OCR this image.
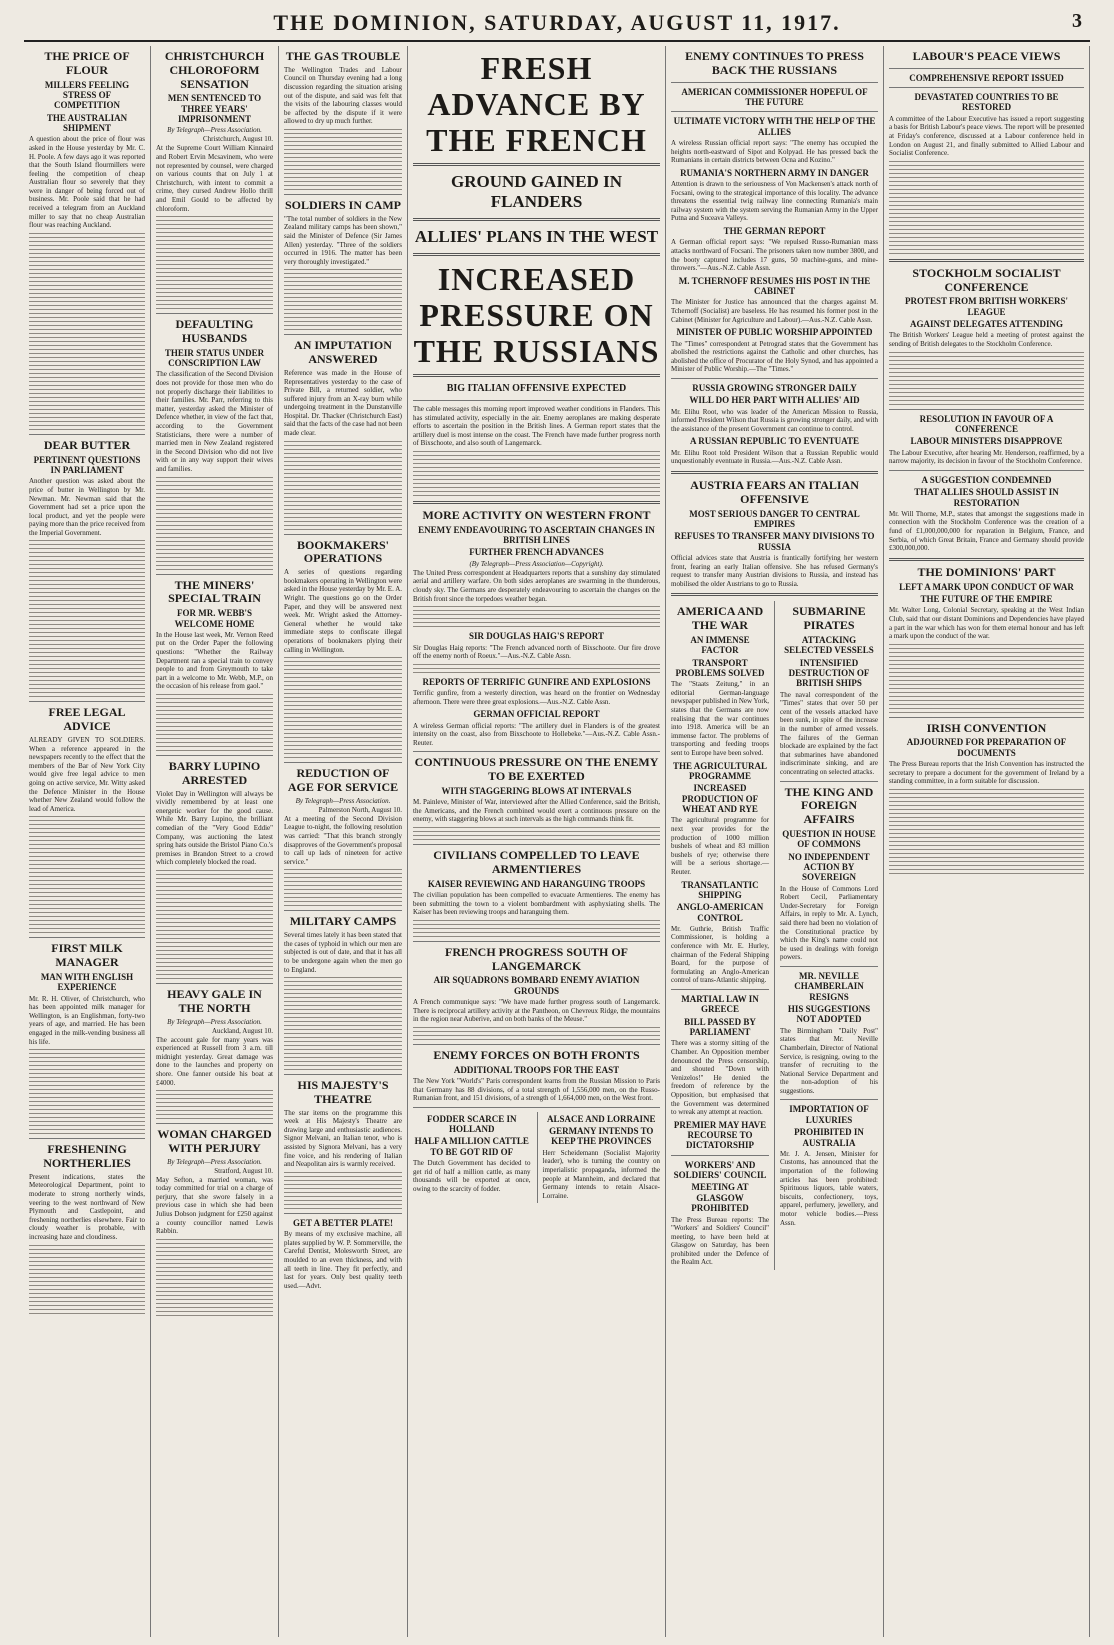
THE DOMINION, SATURDAY, AUGUST 11, 1917.	3
THE PRICE OF FLOUR
MILLERS FEELING STRESS OF COMPETITION
THE AUSTRALIAN SHIPMENT

A question about the price of flour was asked in the House yesterday by Mr. C. H. Poole. A few days ago it was reported that the South Island flourmillers were feeling the competition of cheap Australian flour so severely that they were in danger of being forced out of business. Mr. Poole said that he had received a telegram from an Auckland miller to say that no cheap Australian flour was reaching Auckland.

DEAR BUTTER
PERTINENT QUESTIONS IN PARLIAMENT

Another question was asked about the price of butter in Wellington by Mr. Newman. Mr. Newman said that the Government had set a price upon the local product, and yet the people were paying more than the price received from the Imperial Government.

FREE LEGAL ADVICE

ALREADY GIVEN TO SOLDIERS. When a reference appeared in the newspapers recently to the effect that the members of the Bar of New York City would give free legal advice to men going on active service, Mr. Witty asked the Defence Minister in the House whether New Zealand would follow the lead of America.

FIRST MILK MANAGER
MAN WITH ENGLISH EXPERIENCE

Mr. R. H. Oliver, of Christchurch, who has been appointed milk manager for Wellington, is an Englishman, forty-two years of age, and married. He has been engaged in the milk-vending business all his life.

FRESHENING NORTHERLIES

Present indications, states the Meteorological Department, point to moderate to strong northerly winds, veering to the west northward of New Plymouth and Castlepoint, and freshening northerlies elsewhere. Fair to cloudy weather is probable, with increasing haze and cloudiness.

CHRISTCHURCH CHLOROFORM SENSATION
MEN SENTENCED TO THREE YEARS' IMPRISONMENT

By Telegraph—Press Association.

Christchurch, August 10.

At the Supreme Court William Kinnaird and Robert Ervin Mcsavinem, who were not represented by counsel, were charged on various counts that on July 1 at Christchurch, with intent to commit a crime, they cursed Andrew Hollo thrill and Emil Gould to be affected by chloroform.

DEFAULTING HUSBANDS
THEIR STATUS UNDER CONSCRIPTION LAW

The classification of the Second Division does not provide for those men who do not properly discharge their liabilities to their families. Mr. Parr, referring to this matter, yesterday asked the Minister of Defence whether, in view of the fact that, according to the Government Statisticians, there were a number of married men in New Zealand registered in the Second Division who did not live with or in any way support their wives and families.

THE MINERS' SPECIAL TRAIN
FOR MR. WEBB'S WELCOME HOME

In the House last week, Mr. Vernon Reed put on the Order Paper the following questions: "Whether the Railway Department ran a special train to convey people to and from Greymouth to take part in a welcome to Mr. Webb, M.P., on the occasion of his release from gaol."

BARRY LUPINO ARRESTED

Violet Day in Wellington will always be vividly remembered by at least one energetic worker for the good cause. While Mr. Barry Lupino, the brilliant comedian of the "Very Good Eddie" Company, was auctioning the latest spring hats outside the Bristol Piano Co.'s premises in Brandon Street to a crowd which completely blocked the road.

HEAVY GALE IN THE NORTH

By Telegraph—Press Association.

Auckland, August 10.

The account gale for many years was experienced at Russell from 3 a.m. till midnight yesterday. Great damage was done to the launches and property on shore. One fanner outside his boat at £4000.

WOMAN CHARGED WITH PERJURY

By Telegraph—Press Association.

Stratford, August 10.

May Sefton, a married woman, was today committed for trial on a charge of perjury, that she swore falsely in a previous case in which she had been Julius Dobson judgment for £250 against a county councillor named Lewis Rabbin.

THE GAS TROUBLE

The Wellington Trades and Labour Council on Thursday evening had a long discussion regarding the situation arising out of the dispute, and said was felt that the visits of the labouring classes would be affected by the dispute if it were allowed to dry up much further.

SOLDIERS IN CAMP

"The total number of soldiers in the New Zealand military camps has been shown," said the Minister of Defence (Sir James Allen) yesterday. "Three of the soldiers occurred in 1916. The matter has been very thoroughly investigated."

AN IMPUTATION ANSWERED

Reference was made in the House of Representatives yesterday to the case of Private Bill, a returned soldier, who suffered injury from an X-ray burn while undergoing treatment in the Dunstanville Hospital. Dr. Thacker (Christchurch East) said that the facts of the case had not been made clear.

BOOKMAKERS' OPERATIONS

A series of questions regarding bookmakers operating in Wellington were asked in the House yesterday by Mr. E. A. Wright. The questions go on the Order Paper, and they will be answered next week. Mr. Wright asked the Attorney-General whether he would take immediate steps to confiscate illegal operations of bookmakers plying their calling in Wellington.

REDUCTION OF AGE FOR SERVICE

By Telegraph—Press Association.

Palmerston North, August 10.

At a meeting of the Second Division League to-night, the following resolution was carried: "That this branch strongly disapproves of the Government's proposal to call up lads of nineteen for active service."

MILITARY CAMPS

Several times lately it has been stated that the cases of typhoid in which our men are subjected is out of date, and that it has all to be undergone again when the men go to England.

HIS MAJESTY'S THEATRE

The star items on the programme this week at His Majesty's Theatre are drawing large and enthusiastic audiences. Signor Melvani, an Italian tenor, who is assisted by Signora Melvani, has a very fine voice, and his rendering of Italian and Neapolitan airs is warmly received.

GET A BETTER PLATE!

By means of my exclusive machine, all plates supplied by W. P. Sommerville, the Careful Dentist, Molesworth Street, are moulded to an even thickness, and with all teeth in line. They fit perfectly, and last for years. Only best quality teeth used.—Advt.

FRESH ADVANCE BY THE FRENCH
GROUND GAINED IN FLANDERS
ALLIES' PLANS IN THE WEST
INCREASED PRESSURE ON THE RUSSIANS
BIG ITALIAN OFFENSIVE EXPECTED

The cable messages this morning report improved weather conditions in Flanders. This has stimulated activity, especially in the air. Enemy aeroplanes are making desperate efforts to ascertain the position in the British lines. A German report states that the artillery duel is most intense on the coast. The French have made further progress north of Bixschoote, and also south of Langemarck.

MORE ACTIVITY ON WESTERN FRONT
ENEMY ENDEAVOURING TO ASCERTAIN CHANGES IN BRITISH LINES
FURTHER FRENCH ADVANCES

(By Telegraph—Press Association—Copyright).

The United Press correspondent at Headquarters reports that a sunshiny day stimulated aerial and artillery warfare. On both sides aeroplanes are swarming in the thunderous, cloudy sky. The Germans are desperately endeavouring to ascertain the changes on the British front since the torpedoes weather began.

SIR DOUGLAS HAIG'S REPORT

Sir Douglas Haig reports: "The French advanced north of Bixschoote. Our fire drove off the enemy north of Roeux."—Aus.-N.Z. Cable Assn.

REPORTS OF TERRIFIC GUNFIRE AND EXPLOSIONS

Terrific gunfire, from a westerly direction, was heard on the frontier on Wednesday afternoon. There were three great explosions.—Aus.-N.Z. Cable Assn.

GERMAN OFFICIAL REPORT

A wireless German official reports: "The artillery duel in Flanders is of the greatest intensity on the coast, also from Bixschoote to Hollebeke."—Aus.-N.Z. Cable Assn.-Reuter.

CONTINUOUS PRESSURE ON THE ENEMY TO BE EXERTED
WITH STAGGERING BLOWS AT INTERVALS

M. Painleve, Minister of War, interviewed after the Allied Conference, said the British, the Americans, and the French combined would exert a continuous pressure on the enemy, with staggering blows at such intervals as the high commands think fit.

CIVILIANS COMPELLED TO LEAVE ARMENTIERES
KAISER REVIEWING AND HARANGUING TROOPS

The civilian population has been compelled to evacuate Armentieres. The enemy has been submitting the town to a violent bombardment with asphyxiating shells. The Kaiser has been reviewing troops and haranguing them.

FRENCH PROGRESS SOUTH OF LANGEMARCK
AIR SQUADRONS BOMBARD ENEMY AVIATION GROUNDS

A French communique says: "We have made further progress south of Langemarck. There is reciprocal artillery activity at the Pantheon, on Chevreux Ridge, the mountains in the region near Auberive, and on both banks of the Meuse."

ENEMY FORCES ON BOTH FRONTS
ADDITIONAL TROOPS FOR THE EAST

The New York "World's" Paris correspondent learns from the Russian Mission to Paris that Germany has 88 divisions, of a total strength of 1,556,000 men, on the Russo-Rumanian front, and 151 divisions, of a strength of 1,664,000 men, on the West front.

FODDER SCARCE IN HOLLAND
HALF A MILLION CATTLE TO BE GOT RID OF

The Dutch Government has decided to get rid of half a million cattle, as many thousands will be exported at once, owing to the scarcity of fodder.

ALSACE AND LORRAINE
GERMANY INTENDS TO KEEP THE PROVINCES

Herr Scheidemann (Socialist Majority leader), who is turning the country on imperialistic propaganda, informed the people at Mannheim, and declared that Germany intends to retain Alsace-Lorraine.

ENEMY CONTINUES TO PRESS BACK THE RUSSIANS
AMERICAN COMMISSIONER HOPEFUL OF THE FUTURE
ULTIMATE VICTORY WITH THE HELP OF THE ALLIES

A wireless Russian official report says: "The enemy has occupied the heights north-eastward of Sipot and Kolpyad. He has pressed back the Rumanians in certain districts between Ocna and Kozino."

RUMANIA'S NORTHERN ARMY IN DANGER

Attention is drawn to the seriousness of Von Mackensen's attack north of Focsani, owing to the strategical importance of this locality. The advance threatens the essential twig railway line connecting Rumania's main railway system with the system serving the Rumanian Army in the Upper Putna and Suceava Valleys.

THE GERMAN REPORT

A German official report says: "We repulsed Russo-Rumanian mass attacks northward of Focsani. The prisoners taken now number 3800, and the booty captured includes 17 guns, 50 machine-guns, and mine-throwers."—Aus.-N.Z. Cable Assn.

M. TCHERNOFF RESUMES HIS POST IN THE CABINET

The Minister for Justice has announced that the charges against M. Tchernoff (Socialist) are baseless. He has resumed his former post in the Cabinet (Minister for Agriculture and Labour).—Aus.-N.Z. Cable Assn.

MINISTER OF PUBLIC WORSHIP APPOINTED

The "Times" correspondent at Petrograd states that the Government has abolished the restrictions against the Catholic and other churches, has abolished the office of Procurator of the Holy Synod, and has appointed a Minister of Public Worship.—The "Times."

RUSSIA GROWING STRONGER DAILY
WILL DO HER PART WITH ALLIES' AID

Mr. Elihu Root, who was leader of the American Mission to Russia, informed President Wilson that Russia is growing stronger daily, and with the assistance of the present Government can continue to control.

A RUSSIAN REPUBLIC TO EVENTUATE

Mr. Elihu Root told President Wilson that a Russian Republic would unquestionably eventuate in Russia.—Aus.-N.Z. Cable Assn.

AUSTRIA FEARS AN ITALIAN OFFENSIVE
MOST SERIOUS DANGER TO CENTRAL EMPIRES
REFUSES TO TRANSFER MANY DIVISIONS TO RUSSIA

Official advices state that Austria is frantically fortifying her western front, fearing an early Italian offensive. She has refused Germany's request to transfer many Austrian divisions to Russia, and instead has mobilised the older Austrians to go to Russia.

AMERICA AND THE WAR
AN IMMENSE FACTOR
TRANSPORT PROBLEMS SOLVED

The "Staats Zeitung," in an editorial German-language newspaper published in New York, states that the Germans are now realising that the war continues into 1918. America will be an immense factor. The problems of transporting and feeding troops sent to Europe have been solved.

THE AGRICULTURAL PROGRAMME
INCREASED PRODUCTION OF WHEAT AND RYE

The agricultural programme for next year provides for the production of 1000 million bushels of wheat and 83 million bushels of rye; otherwise there will be a serious shortage.—Reuter.

TRANSATLANTIC SHIPPING
ANGLO-AMERICAN CONTROL

Mr. Guthrie, British Traffic Commissioner, is holding a conference with Mr. E. Hurley, chairman of the Federal Shipping Board, for the purpose of formulating an Anglo-American control of trans-Atlantic shipping.

MARTIAL LAW IN GREECE
BILL PASSED BY PARLIAMENT

There was a stormy sitting of the Chamber. An Opposition member denounced the Press censorship, and shouted "Down with Venizelos!" He denied the freedom of reference by the Opposition, but emphasised that the Government was determined to wreak any attempt at reaction.

PREMIER MAY HAVE RECOURSE TO DICTATORSHIP
WORKERS' AND SOLDIERS' COUNCIL
MEETING AT GLASGOW PROHIBITED

The Press Bureau reports: The "Workers' and Soldiers' Council" meeting, to have been held at Glasgow on Saturday, has been prohibited under the Defence of the Realm Act.

SUBMARINE PIRATES
ATTACKING SELECTED VESSELS
INTENSIFIED DESTRUCTION OF BRITISH SHIPS

The naval correspondent of the "Times" states that over 50 per cent of the vessels attacked have been sunk, in spite of the increase in the number of armed vessels. The failures of the German blockade are explained by the fact that submarines have abandoned indiscriminate sinking, and are concentrating on selected attacks.

THE KING AND FOREIGN AFFAIRS
QUESTION IN HOUSE OF COMMONS
NO INDEPENDENT ACTION BY SOVEREIGN

In the House of Commons Lord Robert Cecil, Parliamentary Under-Secretary for Foreign Affairs, in reply to Mr. A. Lynch, said there had been no violation of the Constitutional practice by which the King's name could not be used in dealings with foreign powers.

MR. NEVILLE CHAMBERLAIN RESIGNS
HIS SUGGESTIONS NOT ADOPTED

The Birmingham "Daily Post" states that Mr. Neville Chamberlain, Director of National Service, is resigning, owing to the transfer of recruiting to the National Service Department and the non-adoption of his suggestions.

IMPORTATION OF LUXURIES
PROHIBITED IN AUSTRALIA

Mr. J. A. Jensen, Minister for Customs, has announced that the importation of the following articles has been prohibited: Spirituous liquors, table waters, biscuits, confectionery, toys, apparel, perfumery, jewellery, and motor vehicle bodies.—Press Assn.

LABOUR'S PEACE VIEWS
COMPREHENSIVE REPORT ISSUED
DEVASTATED COUNTRIES TO BE RESTORED

A committee of the Labour Executive has issued a report suggesting a basis for British Labour's peace views. The report will be presented at Friday's conference, discussed at a Labour conference held in London on August 21, and finally submitted to Allied Labour and Socialist Conference.

STOCKHOLM SOCIALIST CONFERENCE
PROTEST FROM BRITISH WORKERS' LEAGUE
AGAINST DELEGATES ATTENDING

The British Workers' League held a meeting of protest against the sending of British delegates to the Stockholm Conference.

RESOLUTION IN FAVOUR OF A CONFERENCE
LABOUR MINISTERS DISAPPROVE

The Labour Executive, after hearing Mr. Henderson, reaffirmed, by a narrow majority, its decision in favour of the Stockholm Conference.

A SUGGESTION CONDEMNED
THAT ALLIES SHOULD ASSIST IN RESTORATION

Mr. Will Thorne, M.P., states that amongst the suggestions made in connection with the Stockholm Conference was the creation of a fund of £1,000,000,000 for reparation in Belgium, France, and Serbia, of which Great Britain, France and Germany should provide £300,000,000.

THE DOMINIONS' PART
LEFT A MARK UPON CONDUCT OF WAR
THE FUTURE OF THE EMPIRE

Mr. Walter Long, Colonial Secretary, speaking at the West Indian Club, said that our distant Dominions and Dependencies have played a part in the war which has won for them eternal honour and has left a mark upon the conduct of the war.

IRISH CONVENTION
ADJOURNED FOR PREPARATION OF DOCUMENTS

The Press Bureau reports that the Irish Convention has instructed the secretary to prepare a document for the government of Ireland by a standing committee, in a form suitable for discussion.
